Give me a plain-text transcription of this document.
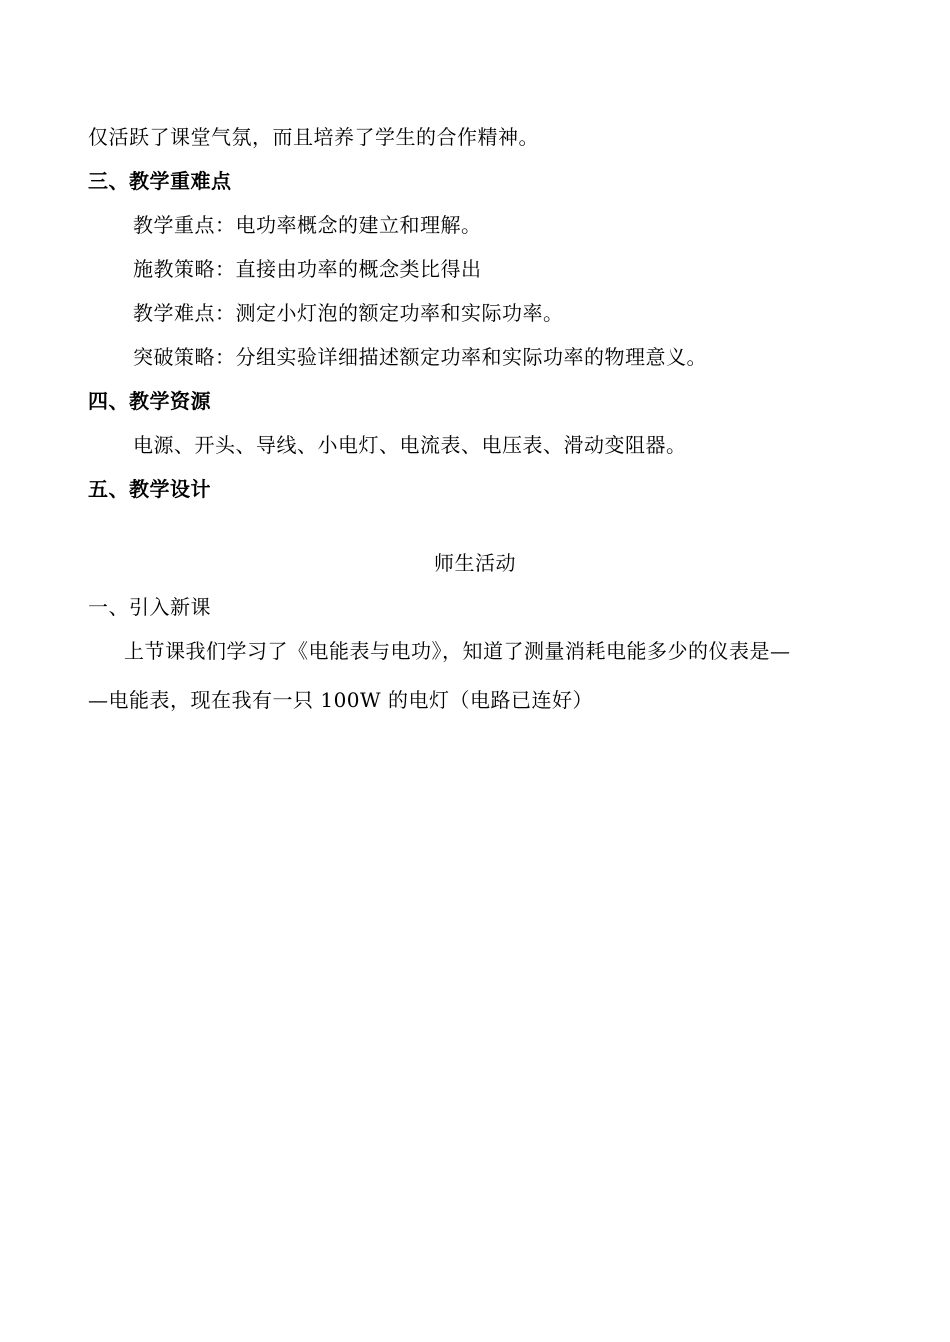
仅活跃了课堂气氛，而且培养了学生的合作精神。
三、教学重难点
教学重点：电功率概念的建立和理解。
施教策略：直接由功率的概念类比得出
教学难点：测定小灯泡的额定功率和实际功率。
突破策略：分组实验详细描述额定功率和实际功率的物理意义。
四、教学资源
电源、开头、导线、小电灯、电流表、电压表、滑动变阻器。
五、教学设计
师生活动
一、引入新课
上节课我们学习了《电能表与电功》，知道了测量消耗电能多少的仪表是—
—电能表，现在我有一只 100W 的电灯（电路已连好）
